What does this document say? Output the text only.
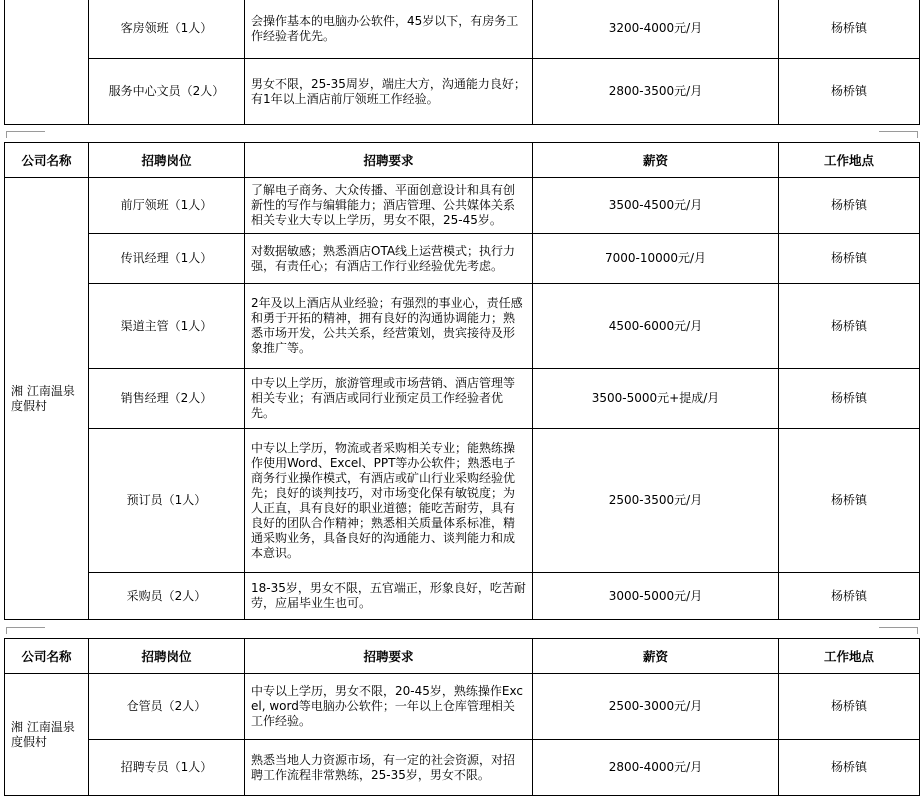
	客房领班（1人）	会操作基本的电脑办公软件，45岁以下，有房务工作经验者优先。	3200-4000元/月	杨桥镇
	服务中心文员（2人）	男女不限，25-35周岁，端庄大方，沟通能力良好；有1年以上酒店前厅领班工作经验。	2800-3500元/月	杨桥镇
公司名称	招聘岗位	招聘要求	薪资	工作地点
湘 江南温泉度假村	前厅领班（1人）	了解电子商务、大众传播、平面创意设计和具有创新性的写作与编辑能力；酒店管理、公共媒体关系相关专业大专以上学历，男女不限，25-45岁。	3500-4500元/月	杨桥镇
	传讯经理（1人）	对数据敏感；熟悉酒店OTA线上运营模式；执行力强，有责任心；有酒店工作行业经验优先考虑。	7000-10000元/月	杨桥镇
	渠道主管（1人）	2年及以上酒店从业经验；有强烈的事业心，责任感和勇于开拓的精神，拥有良好的沟通协调能力；熟悉市场开发，公共关系，经营策划，贵宾接待及形象推广等。	4500-6000元/月	杨桥镇
	销售经理（2人）	中专以上学历，旅游管理或市场营销、酒店管理等相关专业；有酒店或同行业预定员工作经验者优先。	3500-5000元+提成/月	杨桥镇
	预订员（1人）	中专以上学历，物流或者采购相关专业；能熟练操作使用Word、Excel、PPT等办公软件；熟悉电子商务行业操作模式，有酒店或矿山行业采购经验优先；良好的谈判技巧，对市场变化保有敏锐度；为人正直，具有良好的职业道德；能吃苦耐劳，具有良好的团队合作精神；熟悉相关质量体系标准，精通采购业务，具备良好的沟通能力、谈判能力和成本意识。	2500-3500元/月	杨桥镇
	采购员（2人）	18-35岁，男女不限，五官端正，形象良好，吃苦耐劳，应届毕业生也可。	3000-5000元/月	杨桥镇
公司名称	招聘岗位	招聘要求	薪资	工作地点
湘 江南温泉度假村	仓管员（2人）	中专以上学历，男女不限，20-45岁，熟练操作Excel, word等电脑办公软件；一年以上仓库管理相关工作经验。	2500-3000元/月	杨桥镇
	招聘专员（1人）	熟悉当地人力资源市场，有一定的社会资源，对招聘工作流程非常熟练，25-35岁，男女不限。	2800-4000元/月	杨桥镇
